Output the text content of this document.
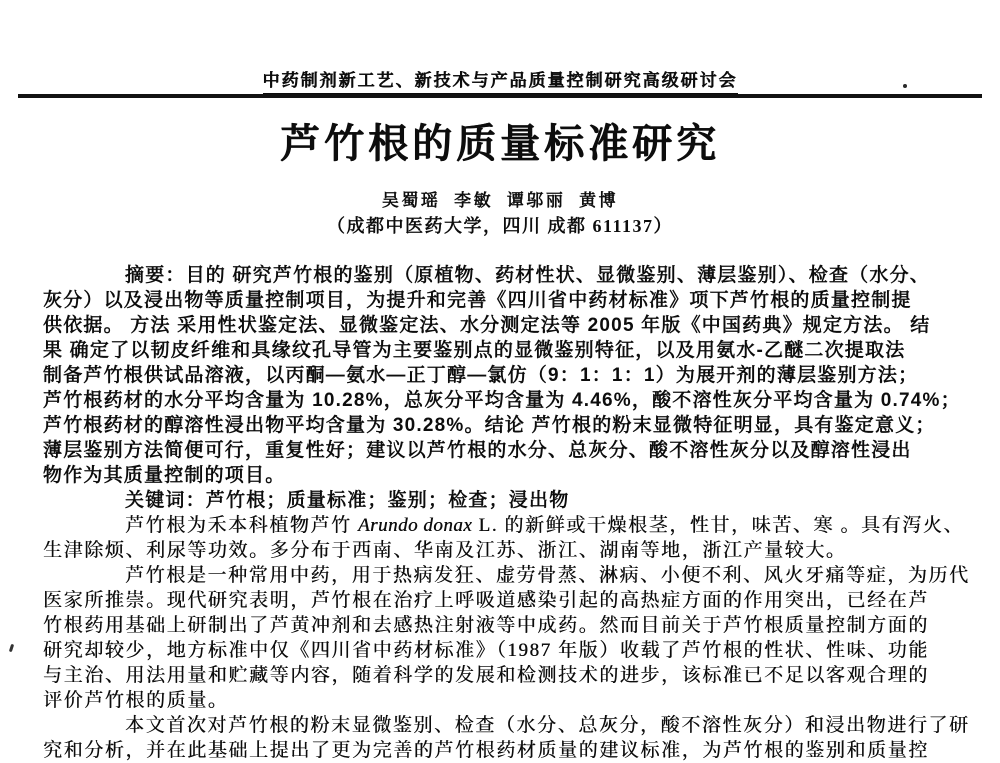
中药制剂新工艺、新技术与产品质量控制研究高级研讨会
芦竹根的质量标准研究
吴蜀瑶 李敏 谭邬丽 黄博
（成都中医药大学，四川 成都 611137）
摘要：目的 研究芦竹根的鉴别（原植物、药材性状、显微鉴别、薄层鉴别）、检查（水分、
灰分）以及浸出物等质量控制项目，为提升和完善《四川省中药材标准》项下芦竹根的质量控制提
供依据。 方法 采用性状鉴定法、显微鉴定法、水分测定法等 2005 年版《中国药典》规定方法。 结
果 确定了以韧皮纤维和具缘纹孔导管为主要鉴别点的显微鉴别特征，以及用氨水-乙醚二次提取法
制备芦竹根供试品溶液，以丙酮—氨水—正丁醇—氯仿（9：1：1：1）为展开剂的薄层鉴别方法；
芦竹根药材的水分平均含量为 10.28%，总灰分平均含量为 4.46%，酸不溶性灰分平均含量为 0.74%；
芦竹根药材的醇溶性浸出物平均含量为 30.28%。结论 芦竹根的粉末显微特征明显，具有鉴定意义；
薄层鉴别方法简便可行，重复性好；建议以芦竹根的水分、总灰分、酸不溶性灰分以及醇溶性浸出
物作为其质量控制的项目。
关键词：芦竹根；质量标准；鉴别；检查；浸出物
芦竹根为禾本科植物芦竹 Arundo donax L. 的新鲜或干燥根茎，性甘，味苦、寒 。具有泻火、
生津除烦、利尿等功效。多分布于西南、华南及江苏、浙江、湖南等地，浙江产量较大。
芦竹根是一种常用中药，用于热病发狂、虚劳骨蒸、淋病、小便不利、风火牙痛等症，为历代
医家所推崇。现代研究表明，芦竹根在治疗上呼吸道感染引起的高热症方面的作用突出，已经在芦
竹根药用基础上研制出了芦黄冲剂和去感热注射液等中成药。然而目前关于芦竹根质量控制方面的
研究却较少，地方标准中仅《四川省中药材标准》（1987 年版）收载了芦竹根的性状、性味、功能
与主治、用法用量和贮藏等内容，随着科学的发展和检测技术的进步，该标准已不足以客观合理的
评价芦竹根的质量。
本文首次对芦竹根的粉末显微鉴别、检查（水分、总灰分，酸不溶性灰分）和浸出物进行了研
究和分析，并在此基础上提出了更为完善的芦竹根药材质量的建议标准，为芦竹根的鉴别和质量控
